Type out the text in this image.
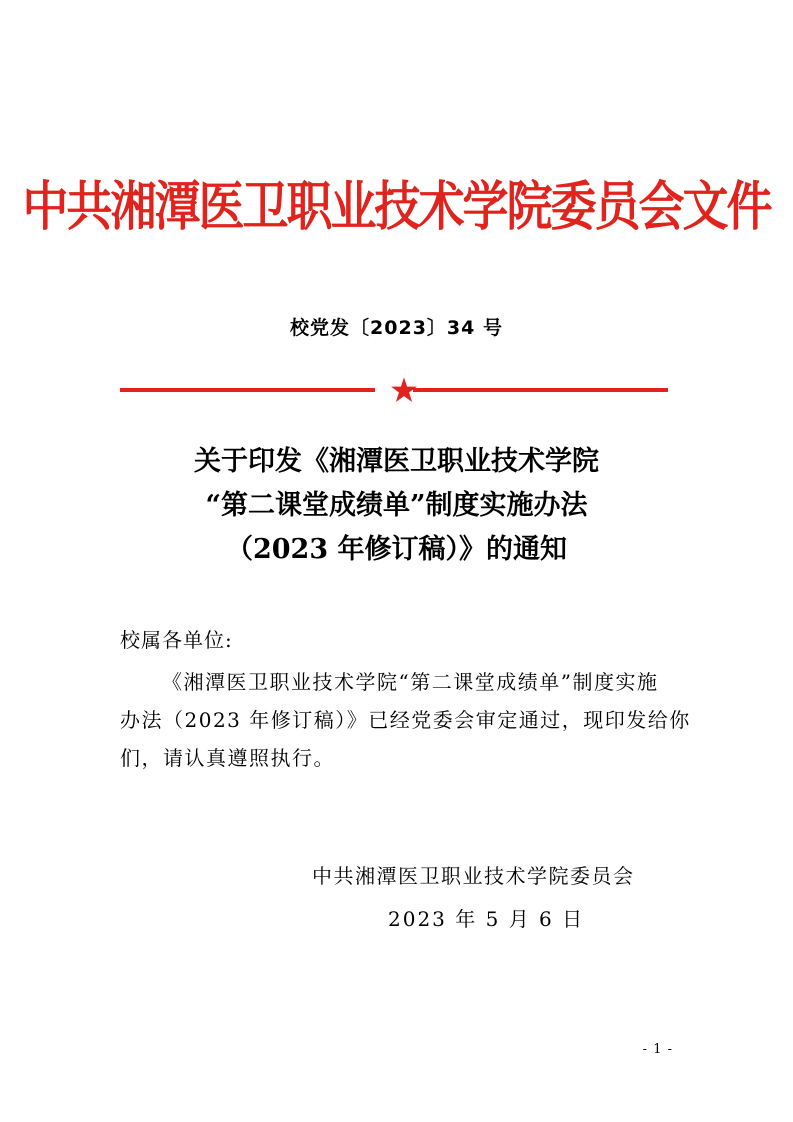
中共湘潭医卫职业技术学院委员会文件
校党发〔2023〕34 号
关于印发《湘潭医卫职业技术学院
“第二课堂成绩单”制度实施办法
（2023 年修订稿）》的通知
校属各单位:
《湘潭医卫职业技术学院“第二课堂成绩单”制度实施
办法（2023 年修订稿）》已经党委会审定通过，现印发给你
们，请认真遵照执行。
中共湘潭医卫职业技术学院委员会
2023 年 5 月 6 日
- 1 -
